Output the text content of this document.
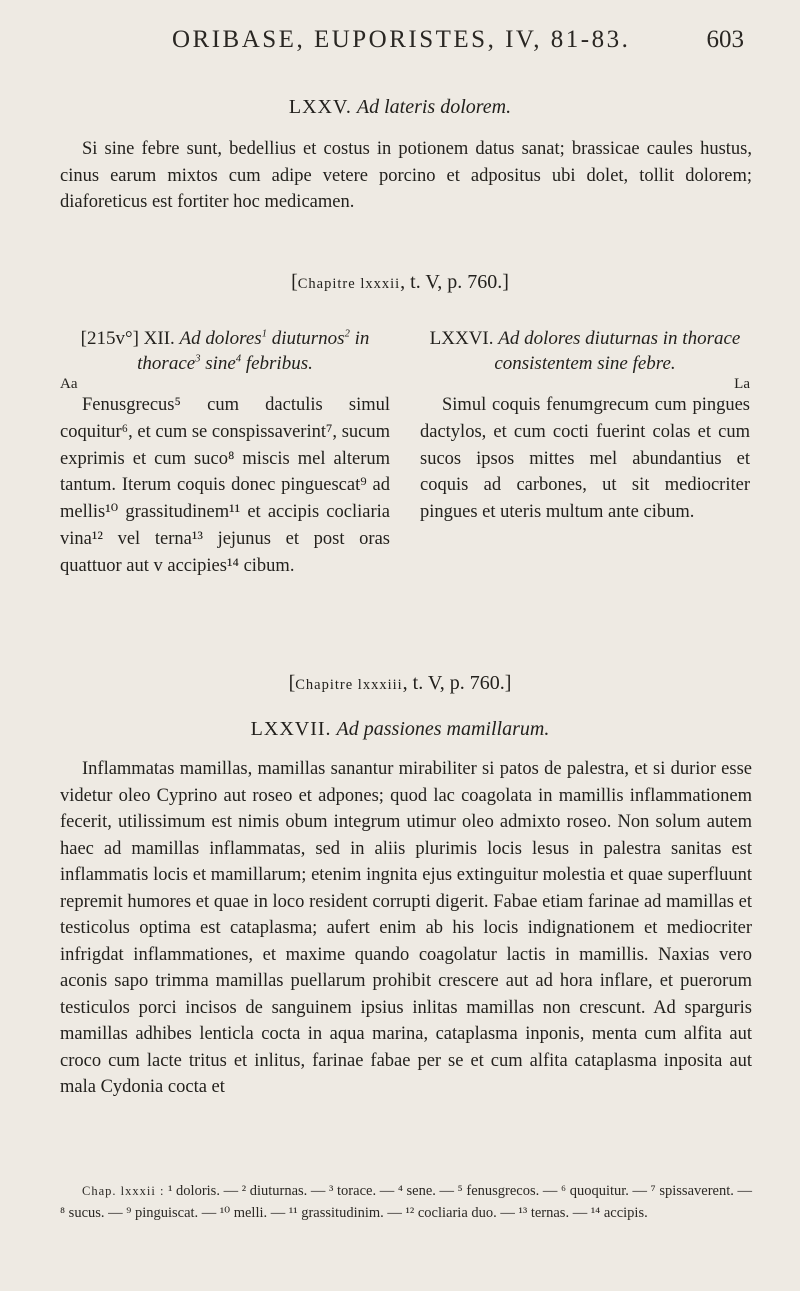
ORIBASE, EUPORISTES, IV, 81-83.	603
LXXV. Ad lateris dolorem.

Si sine febre sunt, bedellius et costus in potionem datus sanat; brassicae caules hustus, cinus earum mixtos cum adipe vetere porcino et adpositus ubi dolet, tollit dolorem; diaforeticus est fortiter hoc medicamen.

[Chapitre lxxxii, t. V, p. 760.]
[215v°] XII. Ad dolores$^1$ diuturnos$^2$ in thorace$^3$ sine$^4$ febribus.
Aa

Fenusgrecus⁵ cum dactulis simul coquitur⁶, et cum se conspissaverint⁷, sucum exprimis et cum suco⁸ miscis mel alterum tantum. Iterum coquis donec pinguescat⁹ ad mellis¹⁰ grassitudinem¹¹ et accipis cocliaria vina¹² vel terna¹³ jejunus et post oras quattuor aut v accipies¹⁴ cibum.

LXXVI. Ad dolores diuturnas in thorace consistentem sine febre.
La

Simul coquis fenumgrecum cum pingues dactylos, et cum cocti fuerint colas et cum sucos ipsos mittes mel abundantius et coquis ad carbones, ut sit mediocriter pingues et uteris multum ante cibum.

[Chapitre lxxxiii, t. V, p. 760.]
LXXVII. Ad passiones mamillarum.

Inflammatas mamillas, mamillas sanantur mirabiliter si patos de palestra, et si durior esse videtur oleo Cyprino aut roseo et adpones; quod lac coagolata in mamillis inflammationem fecerit, utilissimum est nimis obum integrum utimur oleo admixto roseo. Non solum autem haec ad mamillas inflammatas, sed in aliis plurimis locis lesus in palestra sanitas est inflammatis locis et mamillarum; etenim ingnita ejus extinguitur molestia et quae superfluunt repremit humores et quae in loco resident corrupti digerit. Fabae etiam farinae ad mamillas et testicolus optima est cataplasma; aufert enim ab his locis indignationem et mediocriter infrigdat inflammationes, et maxime quando coagolatur lactis in mamillis. Naxias vero aconis sapo trimma mamillas puellarum prohibit crescere aut ad hora inflare, et puerorum testiculos porci incisos de sanguinem ipsius inlitas mamillas non crescunt. Ad sparguris mamillas adhibes lenticla cocta in aqua marina, cataplasma inponis, menta cum alfita aut croco cum lacte tritus et inlitus, farinae fabae per se et cum alfita cataplasma inposita aut mala Cydonia cocta et

Chap. lxxxii : ¹ doloris. — ² diuturnas. — ³ torace. — ⁴ sene. — ⁵ fenusgrecos. — ⁶ quoquitur. — ⁷ spissaverent. — ⁸ sucus. — ⁹ pinguiscat. — ¹⁰ melli. — ¹¹ grassitudinim. — ¹² cocliaria duo. — ¹³ ternas. — ¹⁴ accipis.
